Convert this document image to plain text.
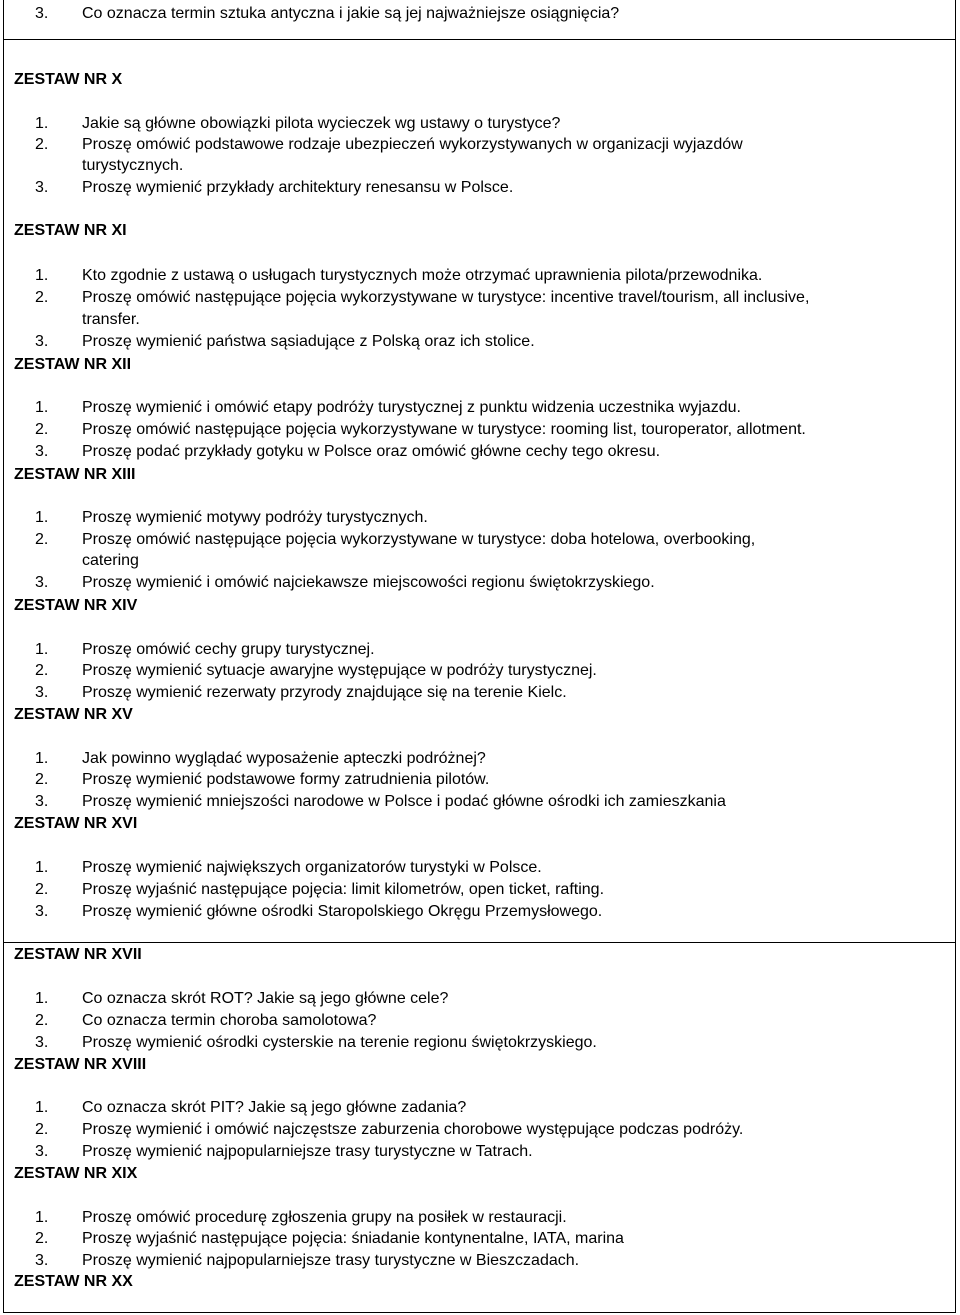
3. Co oznacza termin sztuka antyczna i jakie są jej najważniejsze osiągnięcia?
ZESTAW NR X
1. Jakie są główne obowiązki pilota wycieczek wg ustawy o turystyce?
2. Proszę omówić podstawowe rodzaje ubezpieczeń wykorzystywanych w organizacji wyjazdów
turystycznych.
3. Proszę wymienić przykłady architektury renesansu w Polsce.
ZESTAW NR XI
1. Kto zgodnie z ustawą o usługach turystycznych może otrzymać uprawnienia pilota/przewodnika.
2. Proszę omówić następujące pojęcia wykorzystywane w turystyce: incentive travel/tourism, all inclusive,
transfer.
3. Proszę wymienić państwa sąsiadujące z Polską oraz ich stolice.
ZESTAW NR XII
1. Proszę wymienić i omówić etapy podróży turystycznej z punktu widzenia uczestnika wyjazdu.
2. Proszę omówić następujące pojęcia wykorzystywane w turystyce: rooming list, touroperator, allotment.
3. Proszę podać przykłady gotyku w Polsce oraz omówić główne cechy tego okresu.
ZESTAW NR XIII
1. Proszę wymienić motywy podróży turystycznych.
2. Proszę omówić następujące pojęcia wykorzystywane w turystyce: doba hotelowa, overbooking,
catering
3. Proszę wymienić i omówić najciekawsze miejscowości regionu świętokrzyskiego.
ZESTAW NR XIV
1. Proszę omówić cechy grupy turystycznej.
2. Proszę wymienić sytuacje awaryjne występujące w podróży turystycznej.
3. Proszę wymienić rezerwaty przyrody znajdujące się na terenie Kielc.
ZESTAW NR XV
1. Jak powinno wyglądać wyposażenie apteczki podróżnej?
2. Proszę wymienić podstawowe formy zatrudnienia pilotów.
3. Proszę wymienić mniejszości narodowe w Polsce i podać główne ośrodki ich zamieszkania
ZESTAW NR XVI
1. Proszę wymienić największych organizatorów turystyki w Polsce.
2. Proszę wyjaśnić następujące pojęcia: limit kilometrów, open ticket, rafting.
3. Proszę wymienić główne ośrodki Staropolskiego Okręgu Przemysłowego.
ZESTAW NR XVII
1. Co oznacza skrót ROT? Jakie są jego główne cele?
2. Co oznacza termin choroba samolotowa?
3. Proszę wymienić ośrodki cysterskie na terenie regionu świętokrzyskiego.
ZESTAW NR XVIII
1. Co oznacza skrót PIT? Jakie są jego główne zadania?
2. Proszę wymienić i omówić najczęstsze zaburzenia chorobowe występujące podczas podróży.
3. Proszę wymienić najpopularniejsze trasy turystyczne w Tatrach.
ZESTAW NR XIX
1. Proszę omówić procedurę zgłoszenia grupy na posiłek w restauracji.
2. Proszę wyjaśnić następujące pojęcia: śniadanie kontynentalne, IATA, marina
3. Proszę wymienić najpopularniejsze trasy turystyczne w Bieszczadach.
ZESTAW NR XX
